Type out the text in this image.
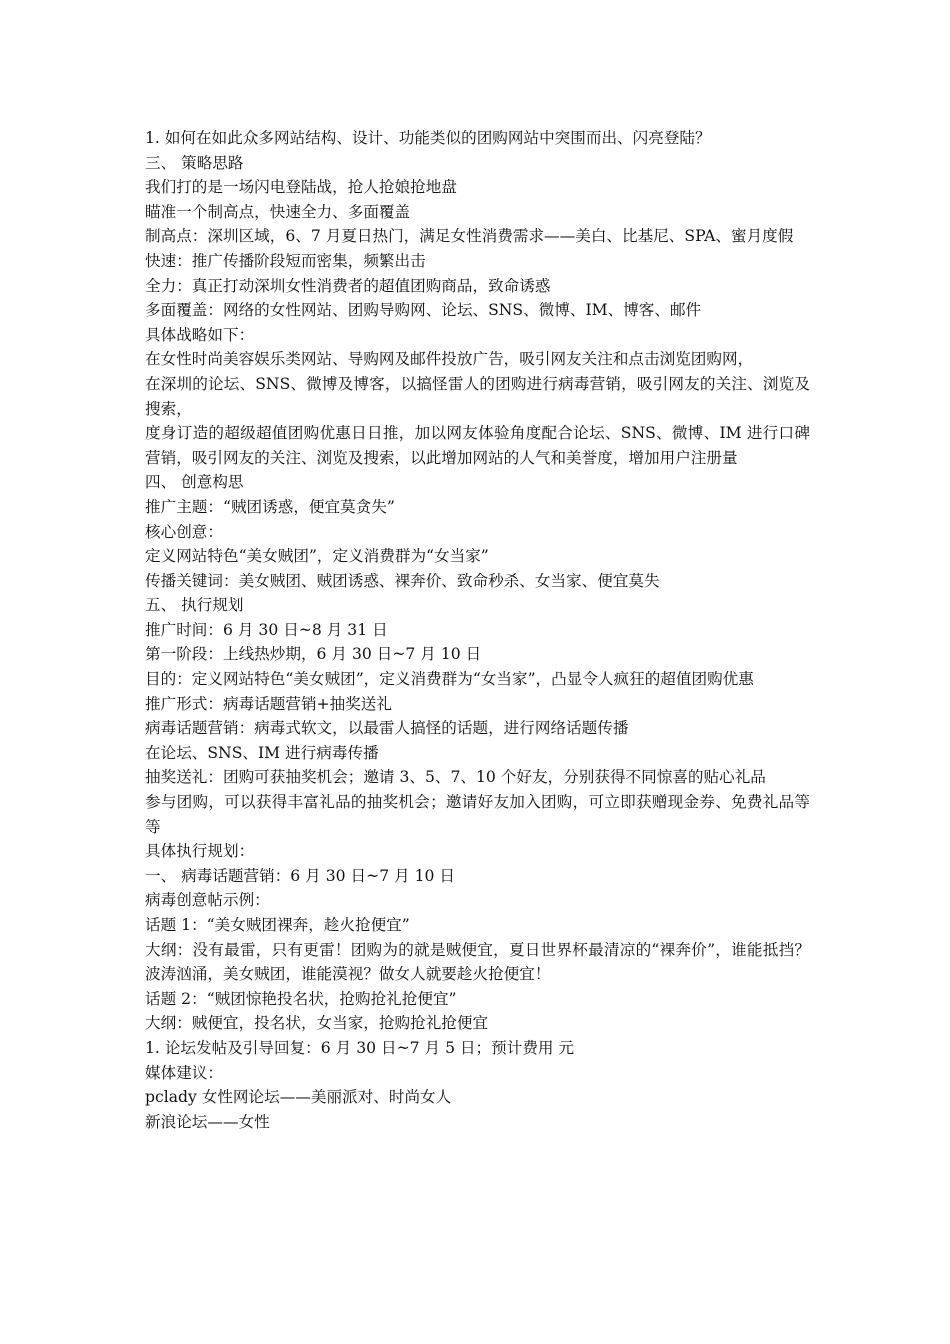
1. 如何在如此众多网站结构、设计、功能类似的团购网站中突围而出、闪亮登陆？

三、 策略思路

我们打的是一场闪电登陆战，抢人抢娘抢地盘

瞄准一个制高点，快速全力、多面覆盖

制高点：深圳区域，6、7 月夏日热门，满足女性消费需求——美白、比基尼、SPA、蜜月度假

快速：推广传播阶段短而密集，频繁出击

全力：真正打动深圳女性消费者的超值团购商品，致命诱惑

多面覆盖：网络的女性网站、团购导购网、论坛、SNS、微博、IM、博客、邮件

具体战略如下：

在女性时尚美容娱乐类网站、导购网及邮件投放广告，吸引网友关注和点击浏览团购网，

在深圳的论坛、SNS、微博及博客，以搞怪雷人的团购进行病毒营销，吸引网友的关注、浏览及搜索，

度身订造的超级超值团购优惠日日推，加以网友体验角度配合论坛、SNS、微博、IM 进行口碑营销，吸引网友的关注、浏览及搜索，以此增加网站的人气和美誉度，增加用户注册量

四、 创意构思

推广主题：“贼团诱惑，便宜莫贪失”

核心创意：

定义网站特色“美女贼团”，定义消费群为“女当家”

传播关键词：美女贼团、贼团诱惑、裸奔价、致命秒杀、女当家、便宜莫失

五、 执行规划

推广时间：6 月 30 日~8 月 31 日

第一阶段：上线热炒期，6 月 30 日~7 月 10 日

目的：定义网站特色“美女贼团”，定义消费群为“女当家”，凸显令人疯狂的超值团购优惠

推广形式：病毒话题营销+抽奖送礼

病毒话题营销：病毒式软文，以最雷人搞怪的话题，进行网络话题传播

在论坛、SNS、IM 进行病毒传播

抽奖送礼：团购可获抽奖机会；邀请 3、5、7、10 个好友，分别获得不同惊喜的贴心礼品

参与团购，可以获得丰富礼品的抽奖机会；邀请好友加入团购，可立即获赠现金券、免费礼品等等

具体执行规划：

一、 病毒话题营销：6 月 30 日~7 月 10 日

病毒创意帖示例：

话题 1：“美女贼团裸奔，趁火抢便宜”

大纲：没有最雷，只有更雷！团购为的就是贼便宜，夏日世界杯最清凉的“裸奔价”，谁能抵挡？波涛汹涌，美女贼团，谁能漠视？做女人就要趁火抢便宜！

话题 2：“贼团惊艳投名状，抢购抢礼抢便宜”

大纲：贼便宜，投名状，女当家，抢购抢礼抢便宜

1. 论坛发帖及引导回复：6 月 30 日~7 月 5 日；预计费用 元

媒体建议：

pclady 女性网论坛——美丽派对、时尚女人

新浪论坛——女性
